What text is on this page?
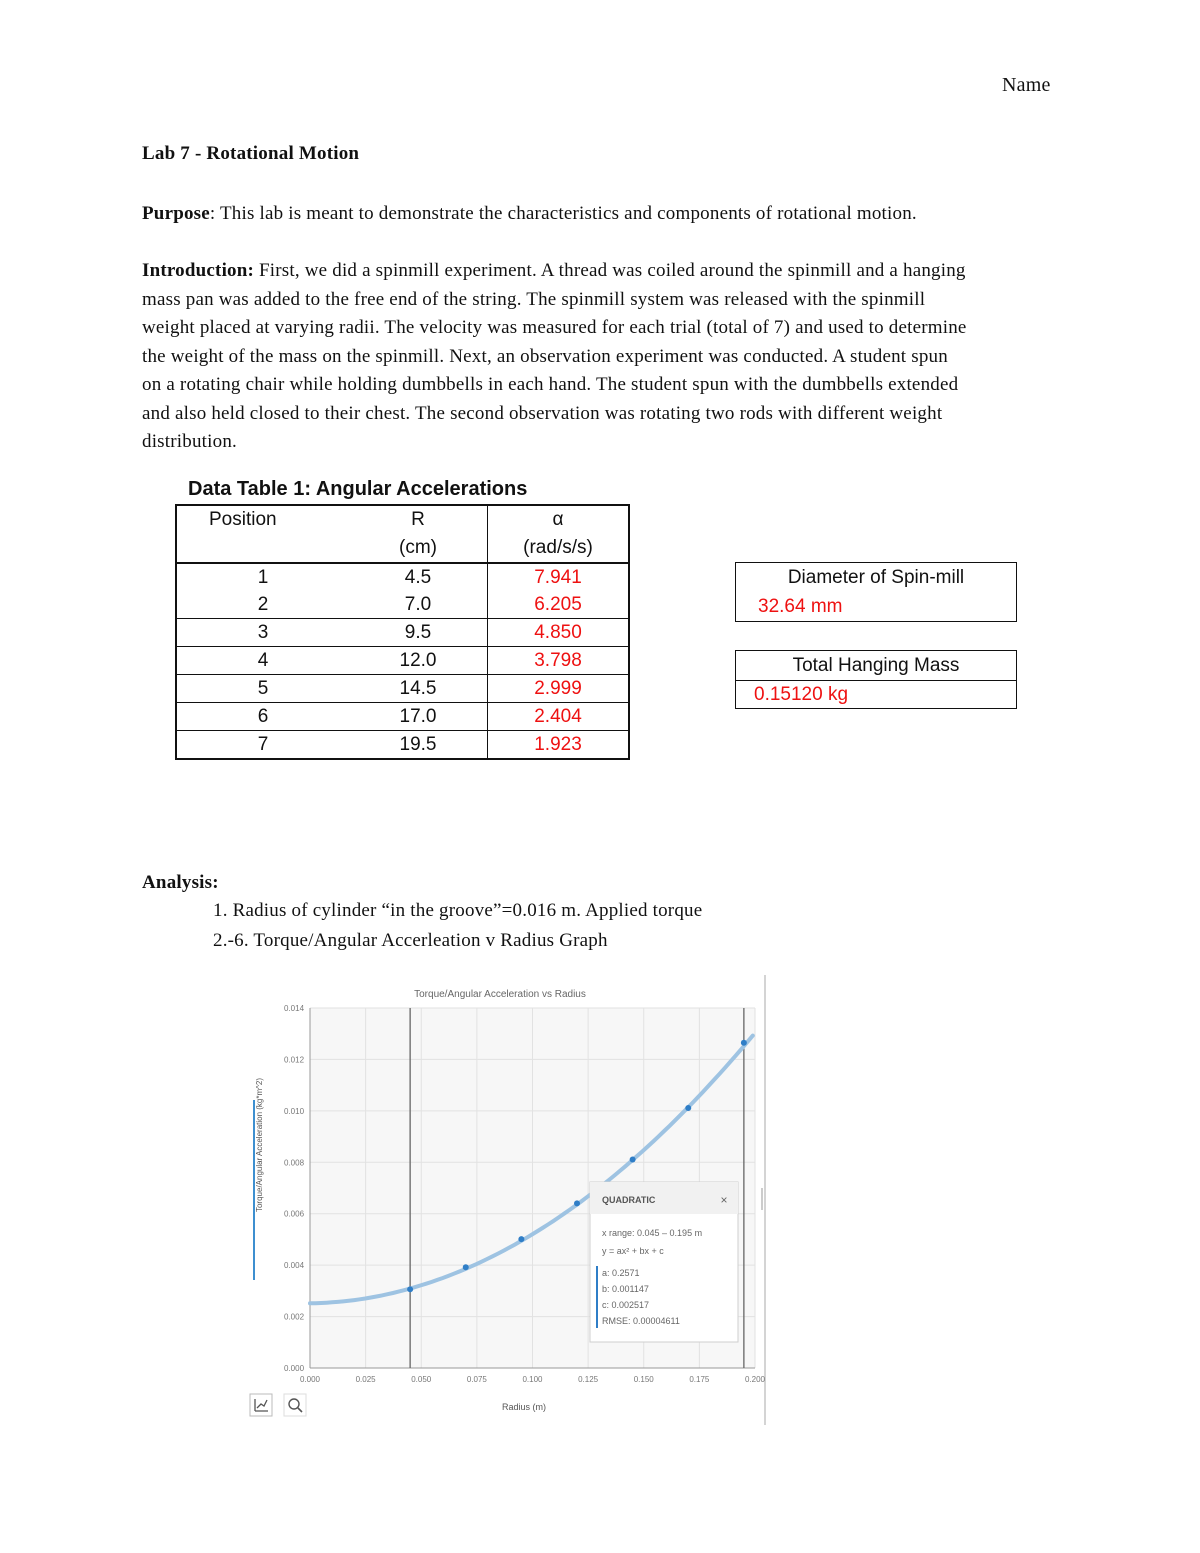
Name
Lab 7 - Rotational Motion
Purpose: This lab is meant to demonstrate the characteristics and components of rotational motion.
Introduction: First, we did a spinmill experiment. A thread was coiled around the spinmill and a hanging
mass pan was added to the free end of the string. The spinmill system was released with the spinmill
weight placed at varying radii. The velocity was measured for each trial (total of 7) and used to determine
the weight of the mass on the spinmill. Next, an observation experiment was conducted. A student spun
on a rotating chair while holding dumbbells in each hand. The student spun with the dumbbells extended
and also held closed to their chest. The second observation was rotating two rods with different weight
distribution.
Data Table 1: Angular Accelerations
Position	R	α
	(cm)	(rad/s/s)
1	4.5	7.941
2	7.0	6.205
3	9.5	4.850
4	12.0	3.798
5	14.5	2.999
6	17.0	2.404
7	19.5	1.923
Diameter of Spin-mill
32.64 mm
Total Hanging Mass
0.15120 kg
Analysis:
1. Radius of cylinder “in the groove”=0.016 m. Applied torque
2.-6. Torque/Angular Accerleation v Radius Graph
0.000	0.025	0.050	0.075	0.100	0.125	0.150	0.175	0.200
0.000
0.002
0.004
0.006
0.008
0.010
0.012
0.014
Torque/Angular Acceleration vs Radius
Radius (m)
Torque/Angular Acceleration (kg*m^2)	QUADRATIC	×
x range: 0.045 – 0.195 m
y = ax² + bx + c
a: 0.2571
b: 0.001147
c: 0.002517
RMSE: 0.00004611
